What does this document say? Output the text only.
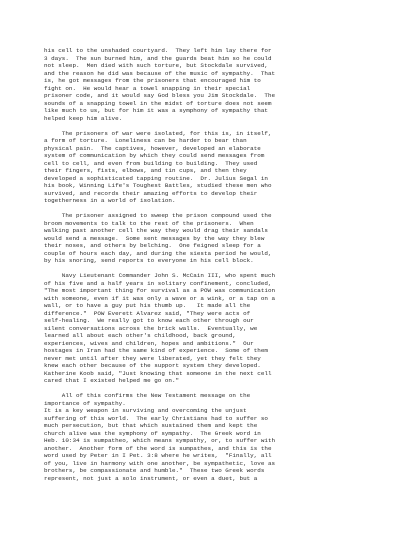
his cell to the unshaded courtyard.  They left him lay there for
3 days.  The sun burned him, and the guards beat him so he could
not sleep.  Men died with such torture, but Stockdale survived,
and the reason he did was because of the music of sympathy.  That
is, he got messages from the prisoners that encouraged him to
fight on.  He would hear a towel snapping in their special
prisoner code, and it would say God bless you Jim Stockdale.  The
sounds of a snapping towel in the midst of torture does not seem
like much to us, but for him it was a symphony of sympathy that
helped keep him alive.
The prisoners of war were isolated, for this is, in itself,
a form of torture.  Loneliness can be harder to bear than
physical pain.  The captives, however, developed an elaborate
system of communication by which they could send messages from
cell to cell, and even from building to building.  They used
their fingers, fists, elbows, and tin cups, and then they
developed a sophisticated tapping routine.  Dr. Julius Segal in
his book, Winning Life's Toughest Battles, studied these men who
survived, and records their amazing efforts to develop their
togetherness in a world of isolation.
The prisoner assigned to sweep the prison compound used the
broom movements to talk to the rest of the prisoners.  When
walking past another cell the way they would drag their sandals
would send a message.  Some sent messages by the way they blew
their noses, and others by belching.  One feigned sleep for a
couple of hours each day, and during the siesta period he would,
by his snoring, send reports to everyone in his cell block.
Navy Lieutenant Commander John S. McCain III, who spent much
of his five and a half years in solitary confinement, concluded,
"The most important thing for survival as a POW was communication
with someone, even if it was only a wave or a wink, or a tap on a
wall, or to have a guy put his thumb up.   It made all the
difference."  POW Everett Alvarez said, "They were acts of
self-healing.  We really got to know each other through our
silent conversations across the brick walls.  Eventually, we
learned all about each other's childhood, back ground,
experiences, wives and children, hopes and ambitions."  Our
hostages in Iran had the same kind of experience.  Some of them
never met until after they were liberated, yet they felt they
knew each other because of the support system they developed.
Katherine Koob said, "Just knowing that someone in the next cell
cared that I existed helped me go on."
All of this confirms the New Testament message on the
importance of sympathy.
It is a key weapon in surviving and overcoming the unjust
suffering of this world.  The early Christians had to suffer so
much persecution, but that which sustained them and kept the
church alive was the symphony of sympathy.  The Greek word in
Heb. 10:34 is sumpatheo, which means sympathy, or, to suffer with
another.  Another form of the word is sumpathes, and this is the
word used by Peter in I Pet. 3:8 where he writes,  "Finally, all
of you, live in harmony with one another, be sympathetic, love as
brothers, be compassionate and humble."  These two Greek words
represent, not just a solo instrument, or even a duet, but a
